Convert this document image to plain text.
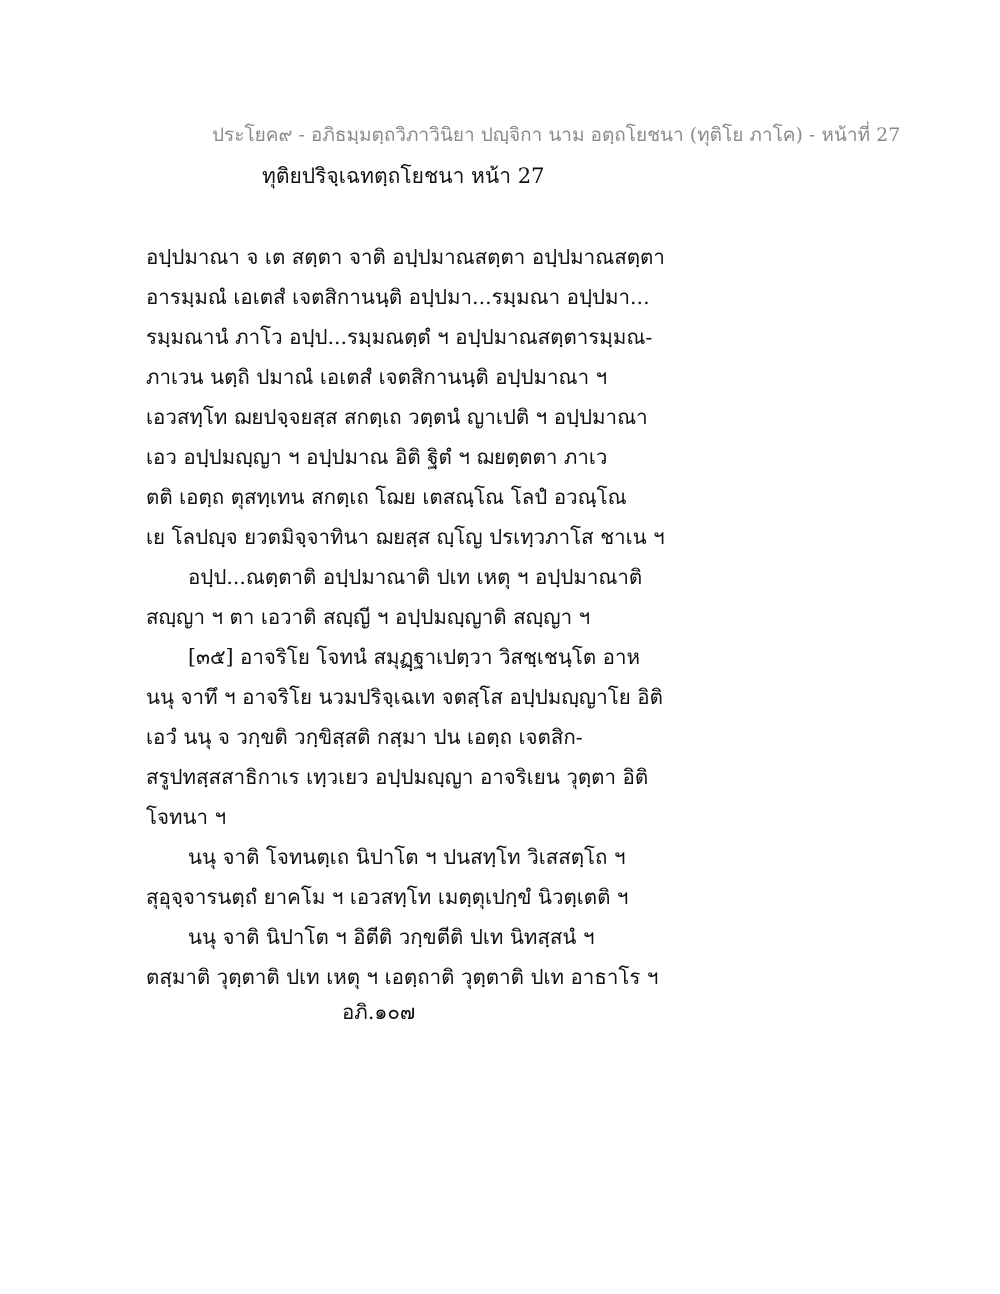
ประโยค๙ - อภิธมฺมตฺถวิภาวินิยา ปญฺจิกา นาม อตฺถโยชนา (ทุติโย ภาโค) - หน้าที่ 27
ทุติยปริจฺเฉทตฺถโยชนา หน้า 27
อปฺปมาณา จ เต สตฺตา จาติ อปฺปมาณสตฺตา อปฺปมาณสตฺตา
อารมฺมณํ เอเตสํ เจตสิกานนฺติ อปฺปมา...รมฺมณา อปฺปมา...
รมฺมณานํ ภาโว อปฺป...รมฺมณตฺตํ ฯ อปฺปมาณสตฺตารมฺมณ-
ภาเวน นตฺถิ ปมาณํ เอเตสํ เจตสิกานนฺติ อปฺปมาณา ฯ
เอวสทฺโท ฌยปจฺจยสฺส สกตฺเถ วตฺตนํ ญาเปติ ฯ อปฺปมาณา
เอว อปฺปมญฺญา ฯ อปฺปมาณ อิติ ฐิตํ ฯ ฌยตฺตตา ภาเว
ตติ เอตฺถ ตุสทฺเทน สกตฺเถ โฌย เตสณฺโณ โลปํ อวณฺโณ
เย โลปญฺจ ยวตมิจฺจาทินา ฌยสฺส ญฺโญ ปรเทฺวภาโส ชาเน ฯ
อปฺป...ณตฺตาติ อปฺปมาณาติ ปเท เหตุ ฯ อปฺปมาณาติ
สญฺญา ฯ ตา เอวาติ สญฺญี ฯ อปฺปมญฺญาติ สญฺญา ฯ
[๓๕] อาจริโย โจทนํ สมุฏฺฐาเปตฺวา วิสชฺเชนฺโต อาห
นนุ จาทึ ฯ อาจริโย นวมปริจฺเฉเท จตสฺโส อปฺปมญฺญาโย อิติ
เอวํ นนุ จ วกฺขติ วกฺขิสฺสติ กสฺมา ปน เอตฺถ เจตสิก-
สรูปทสฺสสาธิกาเร เทฺวเยว อปฺปมญฺญา อาจริเยน วุตฺตา อิติ
โจทนา ฯ
นนุ จาติ โจทนตฺเถ นิปาโต ฯ ปนสทฺโท วิเสสตฺโถ ฯ
สุอุจฺจารนตฺถํ ยาคโม ฯ เอวสทฺโท เมตฺตุเปกฺขํ นิวตฺเตติ ฯ
นนุ จาติ นิปาโต ฯ อิตีติ วกฺขตีติ ปเท นิทสฺสนํ ฯ
ตสฺมาติ วุตฺตาติ ปเท เหตุ ฯ เอตฺถาติ วุตฺตาติ ปเท อาธาโร ฯ
อภิ.๑๐๗
